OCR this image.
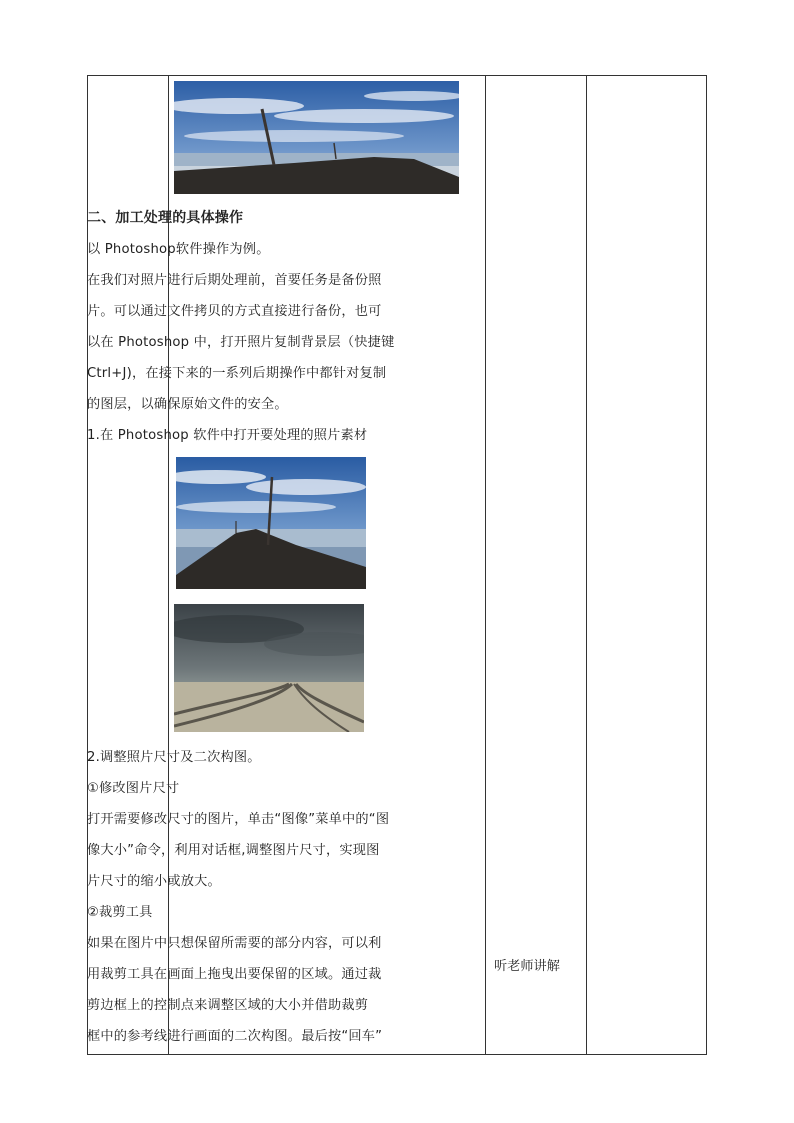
二、加工处理的具体操作
以 Photoshop软件操作为例。
在我们对照片进行后期处理前，首要任务是备份照
片。可以通过文件拷贝的方式直接进行备份，也可
以在 Photoshop 中，打开照片复制背景层（快捷键
Ctrl+J)，在接下来的一系列后期操作中都针对复制
的图层，以确保原始文件的安全。
1.在 Photoshop 软件中打开要处理的照片素材
2.调整照片尺寸及二次构图。
①修改图片尺寸
打开需要修改尺寸的图片，单击“图像”菜单中的“图
像大小”命令，利用对话框,调整图片尺寸，实现图
片尺寸的缩小或放大。
②裁剪工具
如果在图片中只想保留所需要的部分内容，可以利
用裁剪工具在画面上拖曳出要保留的区域。通过裁
剪边框上的控制点来调整区域的大小并借助裁剪
框中的参考线进行画面的二次构图。最后按“回车”
听老师讲解
